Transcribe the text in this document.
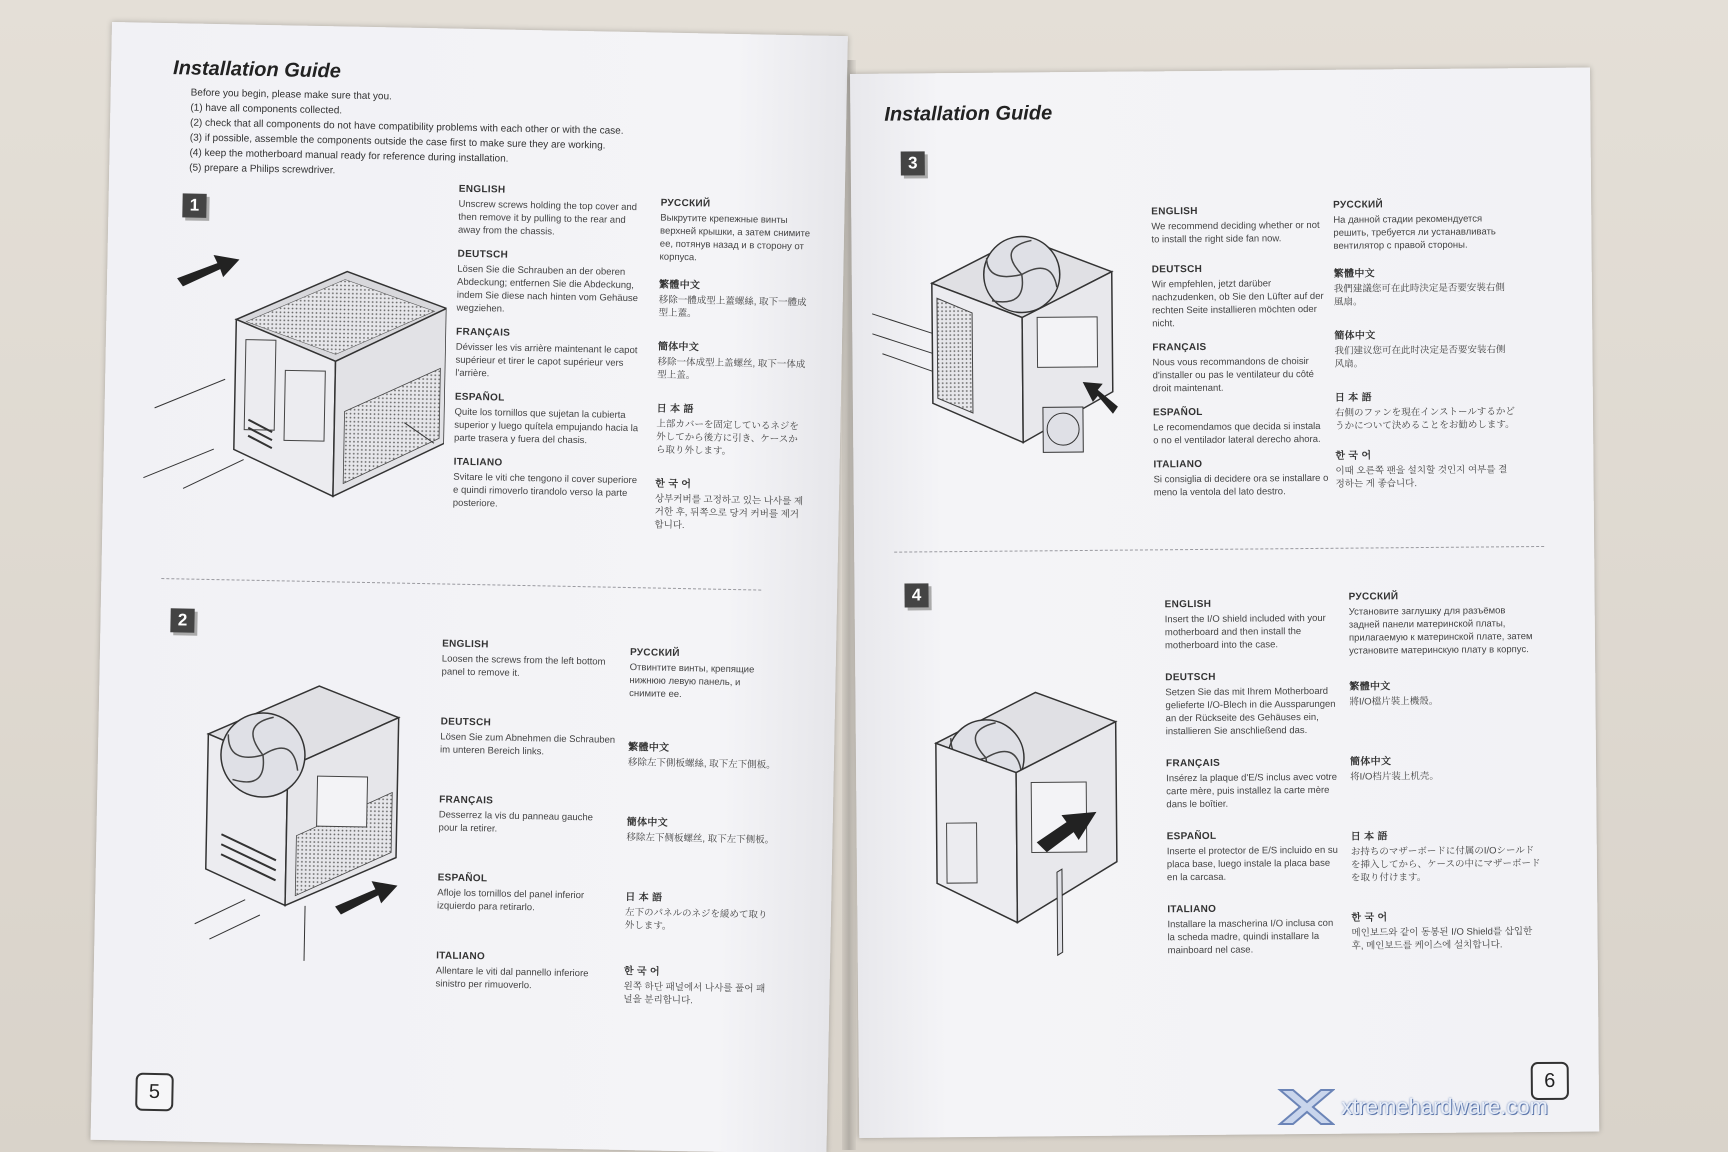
Installation Guide
Before you begin, please make sure that you.
(1) have all components collected.
(2) check that all components do not have compatibility problems with each other or with the case.
(3) if possible, assemble the components outside the case first to make sure they are working.
(4) keep the motherboard manual ready for reference during installation.
(5) prepare a Philips screwdriver.
1
ENGLISH
Unscrew screws holding the top cover and then remove it by pulling to the rear and away from the chassis.
DEUTSCH
Lösen Sie die Schrauben an der oberen Abdeckung; entfernen Sie die Abdeckung, indem Sie diese nach hinten vom Gehäuse wegziehen.
FRANÇAIS
Dévisser les vis arrière maintenant le capot supérieur et tirer le capot supérieur vers l'arrière.
ESPAÑOL
Quite los tornillos que sujetan la cubierta superior y luego quítela empujando hacia la parte trasera y fuera del chasis.
ITALIANO
Svitare le viti che tengono il cover superiore e quindi rimoverlo tirandolo verso la parte posteriore.
РУССКИЙ
Выкрутите крепежные винты верхней крышки, а затем снимите ее, потянув назад и в сторону от корпуса.
繁體中文
移除一體成型上蓋螺絲, 取下一體成型上蓋。
簡体中文
移除一体成型上盖螺丝, 取下一体成型上盖。
日 本 語
上部カバーを固定しているネジを外してから後方に引き、ケースから取り外します。
한 국 어
상부커버를 고정하고 있는 나사를 제거한 후, 뒤쪽으로 당겨 커버를 제거합니다.
2
ENGLISH
Loosen the screws from the left bottom panel to remove it.
DEUTSCH
Lösen Sie zum Abnehmen die Schrauben im unteren Bereich links.
FRANÇAIS
Desserrez la vis du panneau gauche pour la retirer.
ESPAÑOL
Afloje los tornillos del panel inferior izquierdo para retirarlo.
ITALIANO
Allentare le viti dal pannello inferiore sinistro per rimuoverlo.
РУССКИЙ
Отвинтите винты, крепящие нижнюю левую панель, и снимите ее.
繁體中文
移除左下側板螺絲, 取下左下側板。
簡体中文
移除左下侧板螺丝, 取下左下侧板。
日 本 語
左下のパネルのネジを緩めて取り外します。
한 국 어
왼쪽 하단 패널에서 나사를 풀어 패널을 분리합니다.
5
Installation Guide
3
ENGLISH
We recommend deciding whether or not to install the right side fan now.
DEUTSCH
Wir empfehlen, jetzt darüber nachzudenken, ob Sie den Lüfter auf der rechten Seite installieren möchten oder nicht.
FRANÇAIS
Nous vous recommandons de choisir d'installer ou pas le ventilateur du côté droit maintenant.
ESPAÑOL
Le recomendamos que decida si instala o no el ventilador lateral derecho ahora.
ITALIANO
Si consiglia di decidere ora se installare o meno la ventola del lato destro.
РУССКИЙ
На данной стадии рекомендуется решить, требуется ли устанавливать вентилятор с правой стороны.
繁體中文
我們建議您可在此時決定是否要安裝右側風扇。
簡体中文
我们建议您可在此时决定是否要安装右侧风扇。
日 本 語
右側のファンを現在インストールするかどうかについて決めることをお勧めします。
한 국 어
이때 오른쪽 팬을 설치할 것인지 여부를 결정하는 게 좋습니다.
4
ENGLISH
Insert the I/O shield included with your motherboard and then install the motherboard into the case.
DEUTSCH
Setzen Sie das mit Ihrem Motherboard gelieferte I/O-Blech in die Aussparungen an der Rückseite des Gehäuses ein, installieren Sie anschließend das.
FRANÇAIS
Insérez la plaque d'E/S inclus avec votre carte mère, puis installez la carte mère dans le boîtier.
ESPAÑOL
Inserte el protector de E/S incluido en su placa base, luego instale la placa base en la carcasa.
ITALIANO
Installare la mascherina I/O inclusa con la scheda madre, quindi installare la mainboard nel case.
РУССКИЙ
Установите заглушку для разъёмов задней панели материнской платы, прилагаемую к материнской плате, затем установите материнскую плату в корпус.
繁體中文
將I/O檔片裝上機殼。
簡体中文
将I/O档片装上机壳。
日 本 語
お持ちのマザーボードに付属のI/Oシールドを挿入してから、ケースの中にマザーボードを取り付けます。
한 국 어
메인보드와 같이 동봉된 I/O Shield를 삽입한 후, 메인보드를 케이스에 설치합니다.
6
xtremehardware.com
